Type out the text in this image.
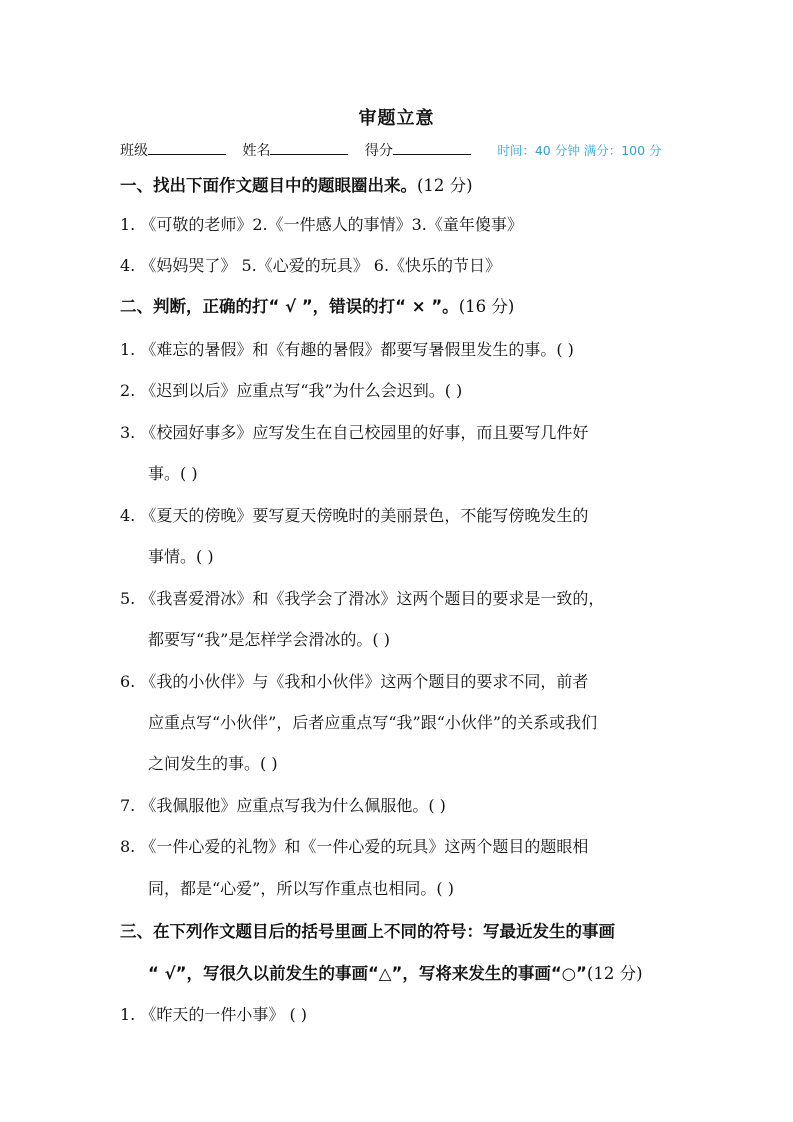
审题立意
班级	姓名	得分	时间：40 分钟 满分：100 分
一、找出下面作文题目中的题眼圈出来。(12 分)
1. 《可敬的老师》2.《一件感人的事情》3.《童年傻事》
4. 《妈妈哭了》 5.《心爱的玩具》 6.《快乐的节日》
二、判断，正确的打“ √ ”，错误的打“ × ”。(16 分)
1. 《难忘的暑假》和《有趣的暑假》都要写暑假里发生的事。( )
2. 《迟到以后》应重点写“我”为什么会迟到。( )
3. 《校园好事多》应写发生在自己校园里的好事，而且要写几件好
事。( )
4. 《夏天的傍晚》要写夏天傍晚时的美丽景色，不能写傍晚发生的
事情。( )
5. 《我喜爱滑冰》和《我学会了滑冰》这两个题目的要求是一致的，
都要写“我”是怎样学会滑冰的。( )
6. 《我的小伙伴》与《我和小伙伴》这两个题目的要求不同，前者
应重点写“小伙伴”，后者应重点写“我”跟“小伙伴”的关系或我们
之间发生的事。( )
7. 《我佩服他》应重点写我为什么佩服他。( )
8. 《一件心爱的礼物》和《一件心爱的玩具》这两个题目的题眼相
同，都是“心爱”，所以写作重点也相同。( )
三、在下列作文题目后的括号里画上不同的符号：写最近发生的事画
“ √”，写很久以前发生的事画“△”，写将来发生的事画“○”(12 分)
1. 《昨天的一件小事》 ( )
